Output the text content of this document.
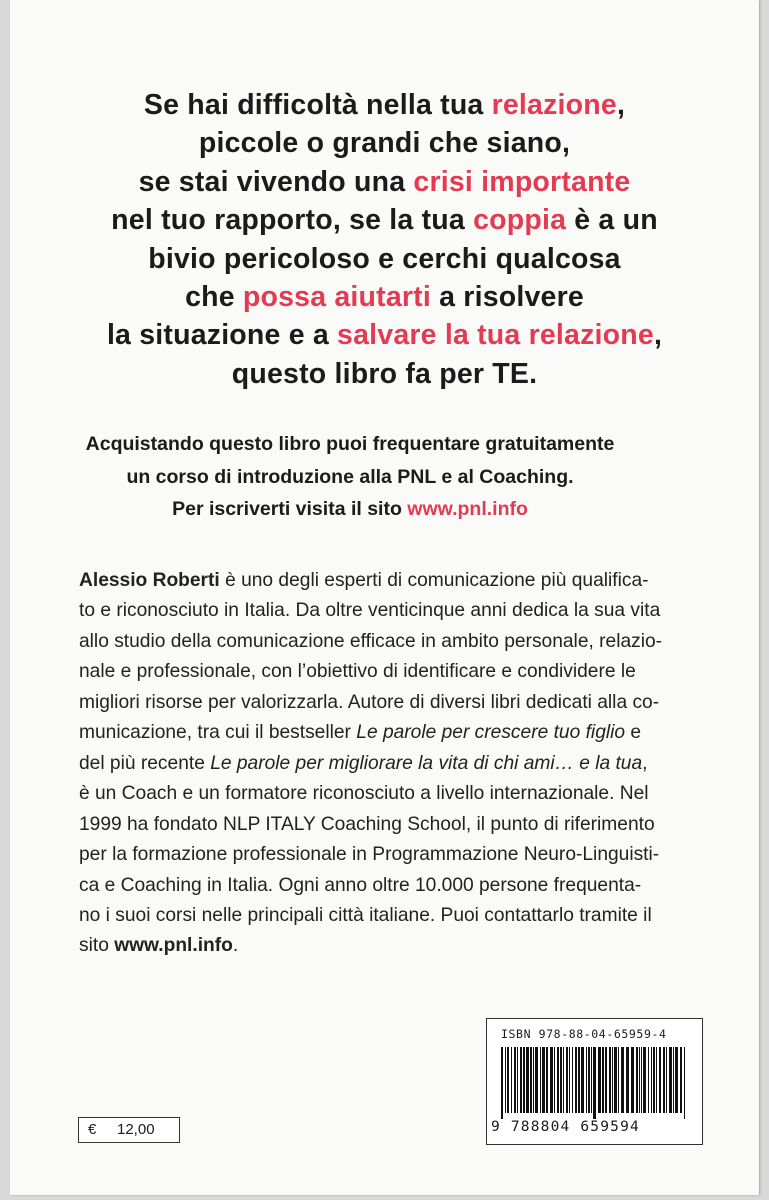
Se hai difficoltà nella tua relazione,
piccole o grandi che siano,
se stai vivendo una crisi importante
nel tuo rapporto, se la tua coppia è a un
bivio pericoloso e cerchi qualcosa
che possa aiutarti a risolvere
la situazione e a salvare la tua relazione,
questo libro fa per TE.
Acquistando questo libro puoi frequentare gratuitamente
un corso di introduzione alla PNL e al Coaching.
Per iscriverti visita il sito www.pnl.info
Alessio Roberti è uno degli esperti di comunicazione più qualifica-
to e riconosciuto in Italia. Da oltre venticinque anni dedica la sua vita
allo studio della comunicazione efficace in ambito personale, relazio-
nale e professionale, con l’obiettivo di identificare e condividere le
migliori risorse per valorizzarla. Autore di diversi libri dedicati alla co-
municazione, tra cui il bestseller Le parole per crescere tuo figlio e
del più recente Le parole per migliorare la vita di chi ami… e la tua,
è un Coach e un formatore riconosciuto a livello internazionale. Nel
1999 ha fondato NLP ITALY Coaching School, il punto di riferimento
per la formazione professionale in Programmazione Neuro-Linguisti-
ca e Coaching in Italia. Ogni anno oltre 10.000 persone frequenta-
no i suoi corsi nelle principali città italiane. Puoi contattarlo tramite il
sito www.pnl.info.
ISBN 978-88-04-65959-4
9 788804 659594
€ 12,00
